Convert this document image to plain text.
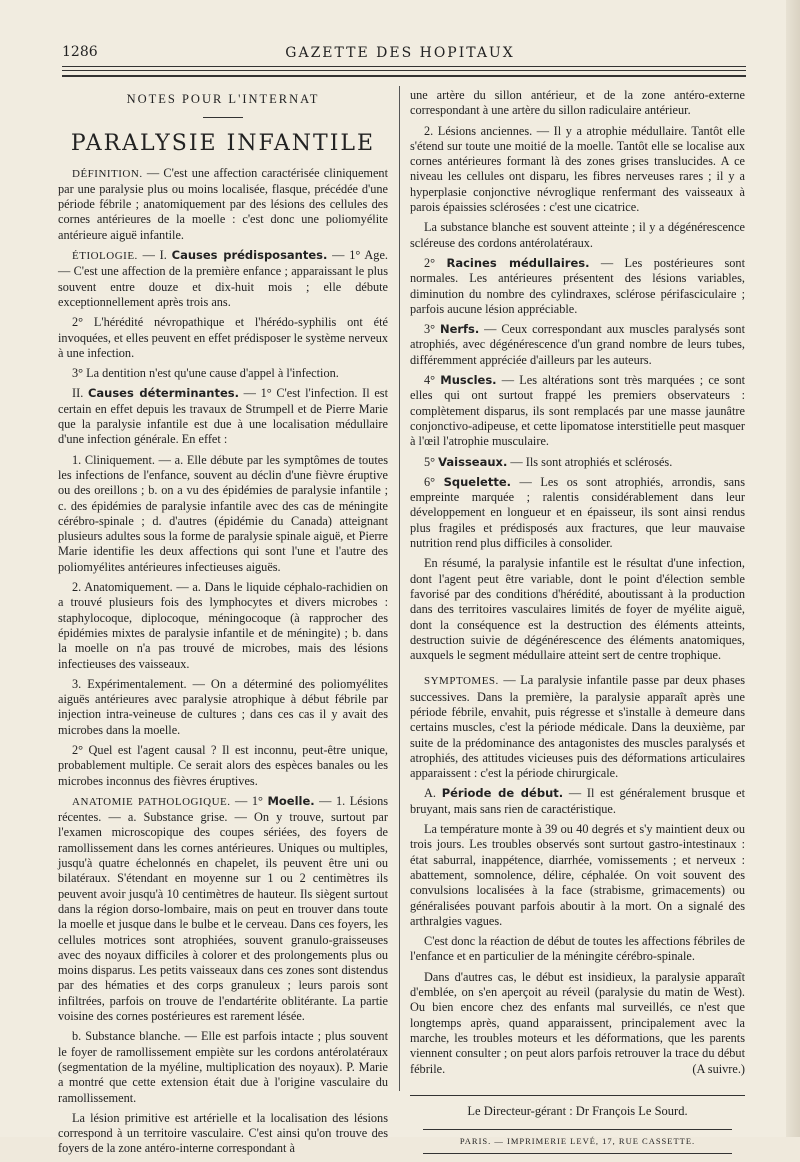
1286	GAZETTE DES HOPITAUX
NOTES POUR L'INTERNAT
PARALYSIE INFANTILE

DÉFINITION. — C'est une affection caractérisée cliniquement par une paralysie plus ou moins localisée, flasque, précédée d'une période fébrile ; anatomiquement par des lésions des cellules des cornes antérieures de la moelle : c'est donc une poliomyélite antérieure aiguë infantile.

ÉTIOLOGIE. — I. Causes prédisposantes. — 1° Age. — C'est une affection de la première enfance ; apparaissant le plus souvent entre douze et dix-huit mois ; elle débute exceptionnellement après trois ans.

2° L'hérédité névropathique et l'hérédo-syphilis ont été invoquées, et elles peuvent en effet prédisposer le système nerveux à une infection.

3° La dentition n'est qu'une cause d'appel à l'infection.

II. Causes déterminantes. — 1° C'est l'infection. Il est certain en effet depuis les travaux de Strumpell et de Pierre Marie que la paralysie infantile est due à une localisation médullaire d'une infection générale. En effet :

1. Cliniquement. — a. Elle débute par les symptômes de toutes les infections de l'enfance, souvent au déclin d'une fièvre éruptive ou des oreillons ; b. on a vu des épidémies de paralysie infantile ; c. des épidémies de paralysie infantile avec des cas de méningite cérébro-spinale ; d. d'autres (épidémie du Canada) atteignant plusieurs adultes sous la forme de paralysie spinale aiguë, et Pierre Marie identifie les deux affections qui sont l'une et l'autre des poliomyélites antérieures infectieuses aiguës.

2. Anatomiquement. — a. Dans le liquide céphalo-rachidien on a trouvé plusieurs fois des lymphocytes et divers microbes : staphylocoque, diplocoque, méningocoque (à rapprocher des épidémies mixtes de paralysie infantile et de méningite) ; b. dans la moelle on n'a pas trouvé de microbes, mais des lésions infectieuses des vaisseaux.

3. Expérimentalement. — On a déterminé des poliomyélites aiguës antérieures avec paralysie atrophique à début fébrile par injection intra-veineuse de cultures ; dans ces cas il y avait des microbes dans la moelle.

2° Quel est l'agent causal ? Il est inconnu, peut-être unique, probablement multiple. Ce serait alors des espèces banales ou les microbes inconnus des fièvres éruptives.

ANATOMIE PATHOLOGIQUE. — 1° Moelle. — 1. Lésions récentes. — a. Substance grise. — On y trouve, surtout par l'examen microscopique des coupes sériées, des foyers de ramollissement dans les cornes antérieures. Uniques ou multiples, jusqu'à quatre échelonnés en chapelet, ils peuvent être uni ou bilatéraux. S'étendant en moyenne sur 1 ou 2 centimètres ils peuvent avoir jusqu'à 10 centimètres de hauteur. Ils siègent surtout dans la région dorso-lombaire, mais on peut en trouver dans toute la moelle et jusque dans le bulbe et le cerveau. Dans ces foyers, les cellules motrices sont atrophiées, souvent granulo-graisseuses avec des noyaux difficiles à colorer et des prolongements plus ou moins disparus. Les petits vaisseaux dans ces zones sont distendus par des hématies et des corps granuleux ; leurs parois sont infiltrées, parfois on trouve de l'endartérite oblitérante. La partie voisine des cornes postérieures est rarement lésée.

b. Substance blanche. — Elle est parfois intacte ; plus souvent le foyer de ramollissement empiète sur les cordons antérolatéraux (segmentation de la myéline, multiplication des noyaux). P. Marie a montré que cette extension était due à l'origine vasculaire du ramollissement.

La lésion primitive est artérielle et la localisation des lésions correspond à un territoire vasculaire. C'est ainsi qu'on trouve des foyers de la zone antéro-interne correspondant à

une artère du sillon antérieur, et de la zone antéro-externe correspondant à une artère du sillon radiculaire antérieur.

2. Lésions anciennes. — Il y a atrophie médullaire. Tantôt elle s'étend sur toute une moitié de la moelle. Tantôt elle se localise aux cornes antérieures formant là des zones grises translucides. A ce niveau les cellules ont disparu, les fibres nerveuses rares ; il y a hyperplasie conjonctive névroglique renfermant des vaisseaux à parois épaissies sclérosées : c'est une cicatrice.

La substance blanche est souvent atteinte ; il y a dégénérescence scléreuse des cordons antérolatéraux.

2° Racines médullaires. — Les postérieures sont normales. Les antérieures présentent des lésions variables, diminution du nombre des cylindraxes, sclérose périfasciculaire ; parfois aucune lésion appréciable.

3° Nerfs. — Ceux correspondant aux muscles paralysés sont atrophiés, avec dégénérescence d'un grand nombre de leurs tubes, différemment appréciée d'ailleurs par les auteurs.

4° Muscles. — Les altérations sont très marquées ; ce sont elles qui ont surtout frappé les premiers observateurs : complètement disparus, ils sont remplacés par une masse jaunâtre conjonctivo-adipeuse, et cette lipomatose interstitielle peut masquer à l'œil l'atrophie musculaire.

5° Vaisseaux. — Ils sont atrophiés et sclérosés.

6° Squelette. — Les os sont atrophiés, arrondis, sans empreinte marquée ; ralentis considérablement dans leur développement en longueur et en épaisseur, ils sont ainsi rendus plus fragiles et prédisposés aux fractures, que leur mauvaise nutrition rend plus difficiles à consolider.

En résumé, la paralysie infantile est le résultat d'une infection, dont l'agent peut être variable, dont le point d'élection semble favorisé par des conditions d'hérédité, aboutissant à la production dans des territoires vasculaires limités de foyer de myélite aiguë, dont la conséquence est la destruction des éléments atteints, destruction suivie de dégénérescence des éléments anatomiques, auxquels le segment médullaire atteint sert de centre trophique.

SYMPTOMES. — La paralysie infantile passe par deux phases successives. Dans la première, la paralysie apparaît après une période fébrile, envahit, puis régresse et s'installe à demeure dans certains muscles, c'est la période médicale. Dans la deuxième, par suite de la prédominance des antagonistes des muscles paralysés et atrophiés, des attitudes vicieuses puis des déformations articulaires apparaissent : c'est la période chirurgicale.

A. Période de début. — Il est généralement brusque et bruyant, mais sans rien de caractéristique.

La température monte à 39 ou 40 degrés et s'y maintient deux ou trois jours. Les troubles observés sont surtout gastro-intestinaux : état saburral, inappétence, diarrhée, vomissements ; et nerveux : abattement, somnolence, délire, céphalée. On voit souvent des convulsions localisées à la face (strabisme, grimacements) ou généralisées pouvant parfois aboutir à la mort. On a signalé des arthralgies vagues.

C'est donc la réaction de début de toutes les affections fébriles de l'enfance et en particulier de la méningite cérébro-spinale.

Dans d'autres cas, le début est insidieux, la paralysie apparaît d'emblée, on s'en aperçoit au réveil (paralysie du matin de West). Ou bien encore chez des enfants mal surveillés, ce n'est que longtemps après, quand apparaissent, principalement avec la marche, les troubles moteurs et les déformations, que les parents viennent consulter ; on peut alors parfois retrouver la trace du début fébrile.	(A suivre.)

Le Directeur-gérant : Dr François Le Sourd.
PARIS. — IMPRIMERIE LEVÉ, 17, RUE CASSETTE.
